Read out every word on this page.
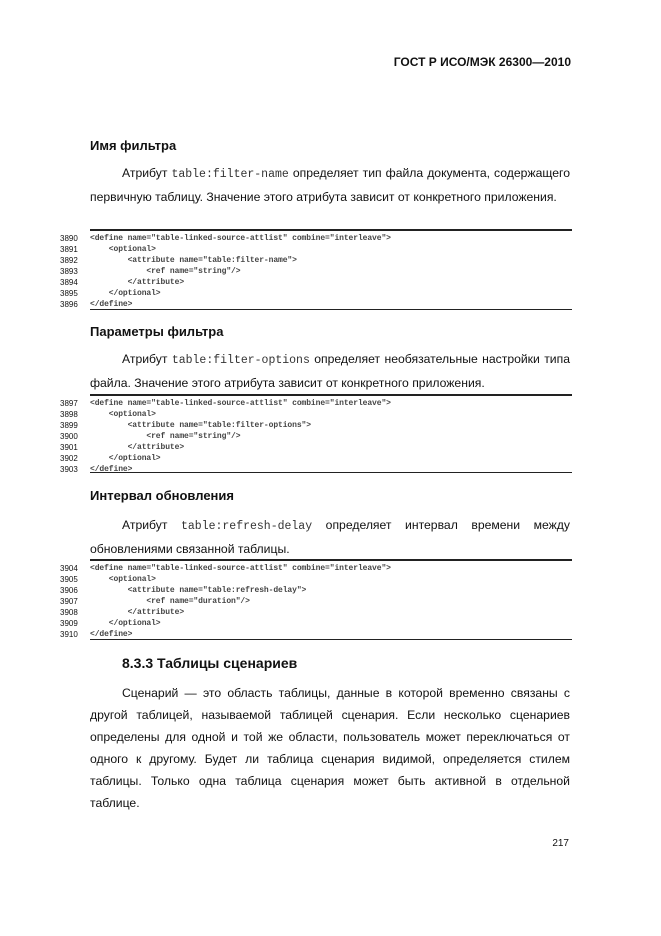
ГОСТ Р ИСО/МЭК 26300—2010
Имя фильтра
Атрибут table:filter-name определяет тип файла документа, содержащего первичную таблицу. Значение этого атрибута зависит от конкретного приложения.
3890	<define name="table-linked-source-attlist" combine="interleave">
3891	<optional>
3892	<attribute name="table:filter-name">
3893	<ref name="string"/>
3894	</attribute>
3895	</optional>
3896	</define>
Параметры фильтра
Атрибут table:filter-options определяет необязательные настройки типа файла. Значение этого атрибута зависит от конкретного приложения.
3897	<define name="table-linked-source-attlist" combine="interleave">
3898	<optional>
3899	<attribute name="table:filter-options">
3900	<ref name="string"/>
3901	</attribute>
3902	</optional>
3903	</define>
Интервал обновления
Атрибут table:refresh-delay определяет интервал времени между обновлениями связанной таблицы.
3904	<define name="table-linked-source-attlist" combine="interleave">
3905	<optional>
3906	<attribute name="table:refresh-delay">
3907	<ref name="duration"/>
3908	</attribute>
3909	</optional>
3910	</define>
8.3.3 Таблицы сценариев
Сценарий — это область таблицы, данные в которой временно связаны с другой таблицей, называемой таблицей сценария. Если несколько сценариев определены для одной и той же области, пользователь может переключаться от одного к другому. Будет ли таблица сценария видимой, определяется стилем таблицы. Только одна таблица сценария может быть активной в отдельной таблице.
217
